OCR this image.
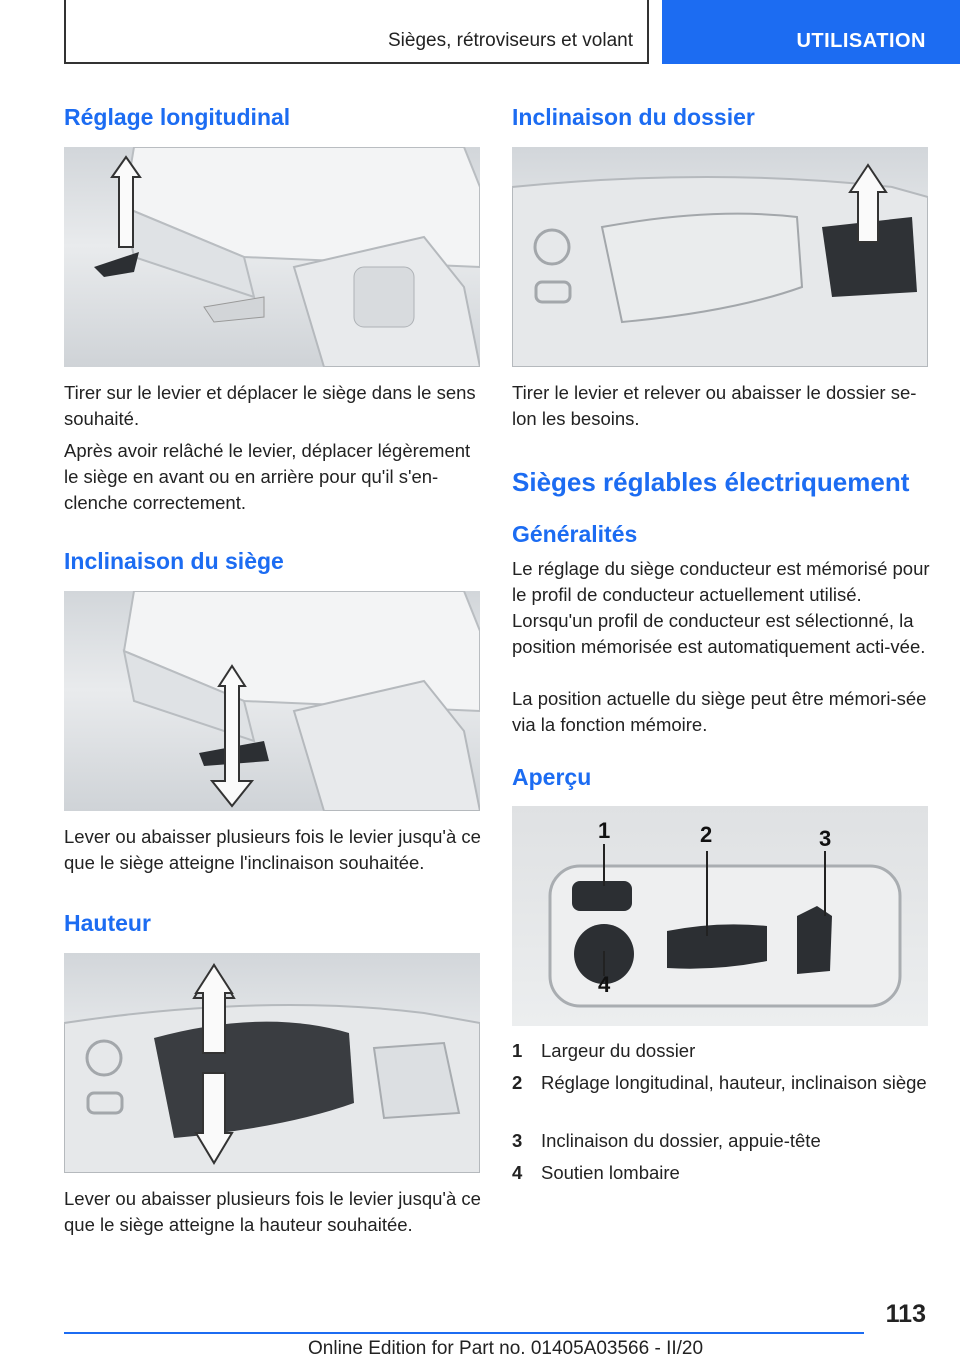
Sièges, rétroviseurs et volant	UTILISATION
Réglage longitudinal
Tirer sur le levier et déplacer le siège dans le sens souhaité.
Après avoir relâché le levier, déplacer légèrement le siège en avant ou en arrière pour qu'il s'en-clenche correctement.
Inclinaison du siège
Lever ou abaisser plusieurs fois le levier jusqu'à ce que le siège atteigne l'inclinaison souhaitée.
Hauteur
Lever ou abaisser plusieurs fois le levier jusqu'à ce que le siège atteigne la hauteur souhaitée.
Inclinaison du dossier
Tirer le levier et relever ou abaisser le dossier se-lon les besoins.
Sièges réglables électriquement
Généralités
Le réglage du siège conducteur est mémorisé pour le profil de conducteur actuellement utilisé. Lorsqu'un profil de conducteur est sélectionné, la position mémorisée est automatiquement acti-vée.
La position actuelle du siège peut être mémori-sée via la fonction mémoire.
Aperçu
1	2	3
4
1 Largeur du dossier
2 Réglage longitudinal, hauteur, inclinaison siège
3 Inclinaison du dossier, appuie-tête
4 Soutien lombaire
113
Online Edition for Part no. 01405A03566 - II/20
